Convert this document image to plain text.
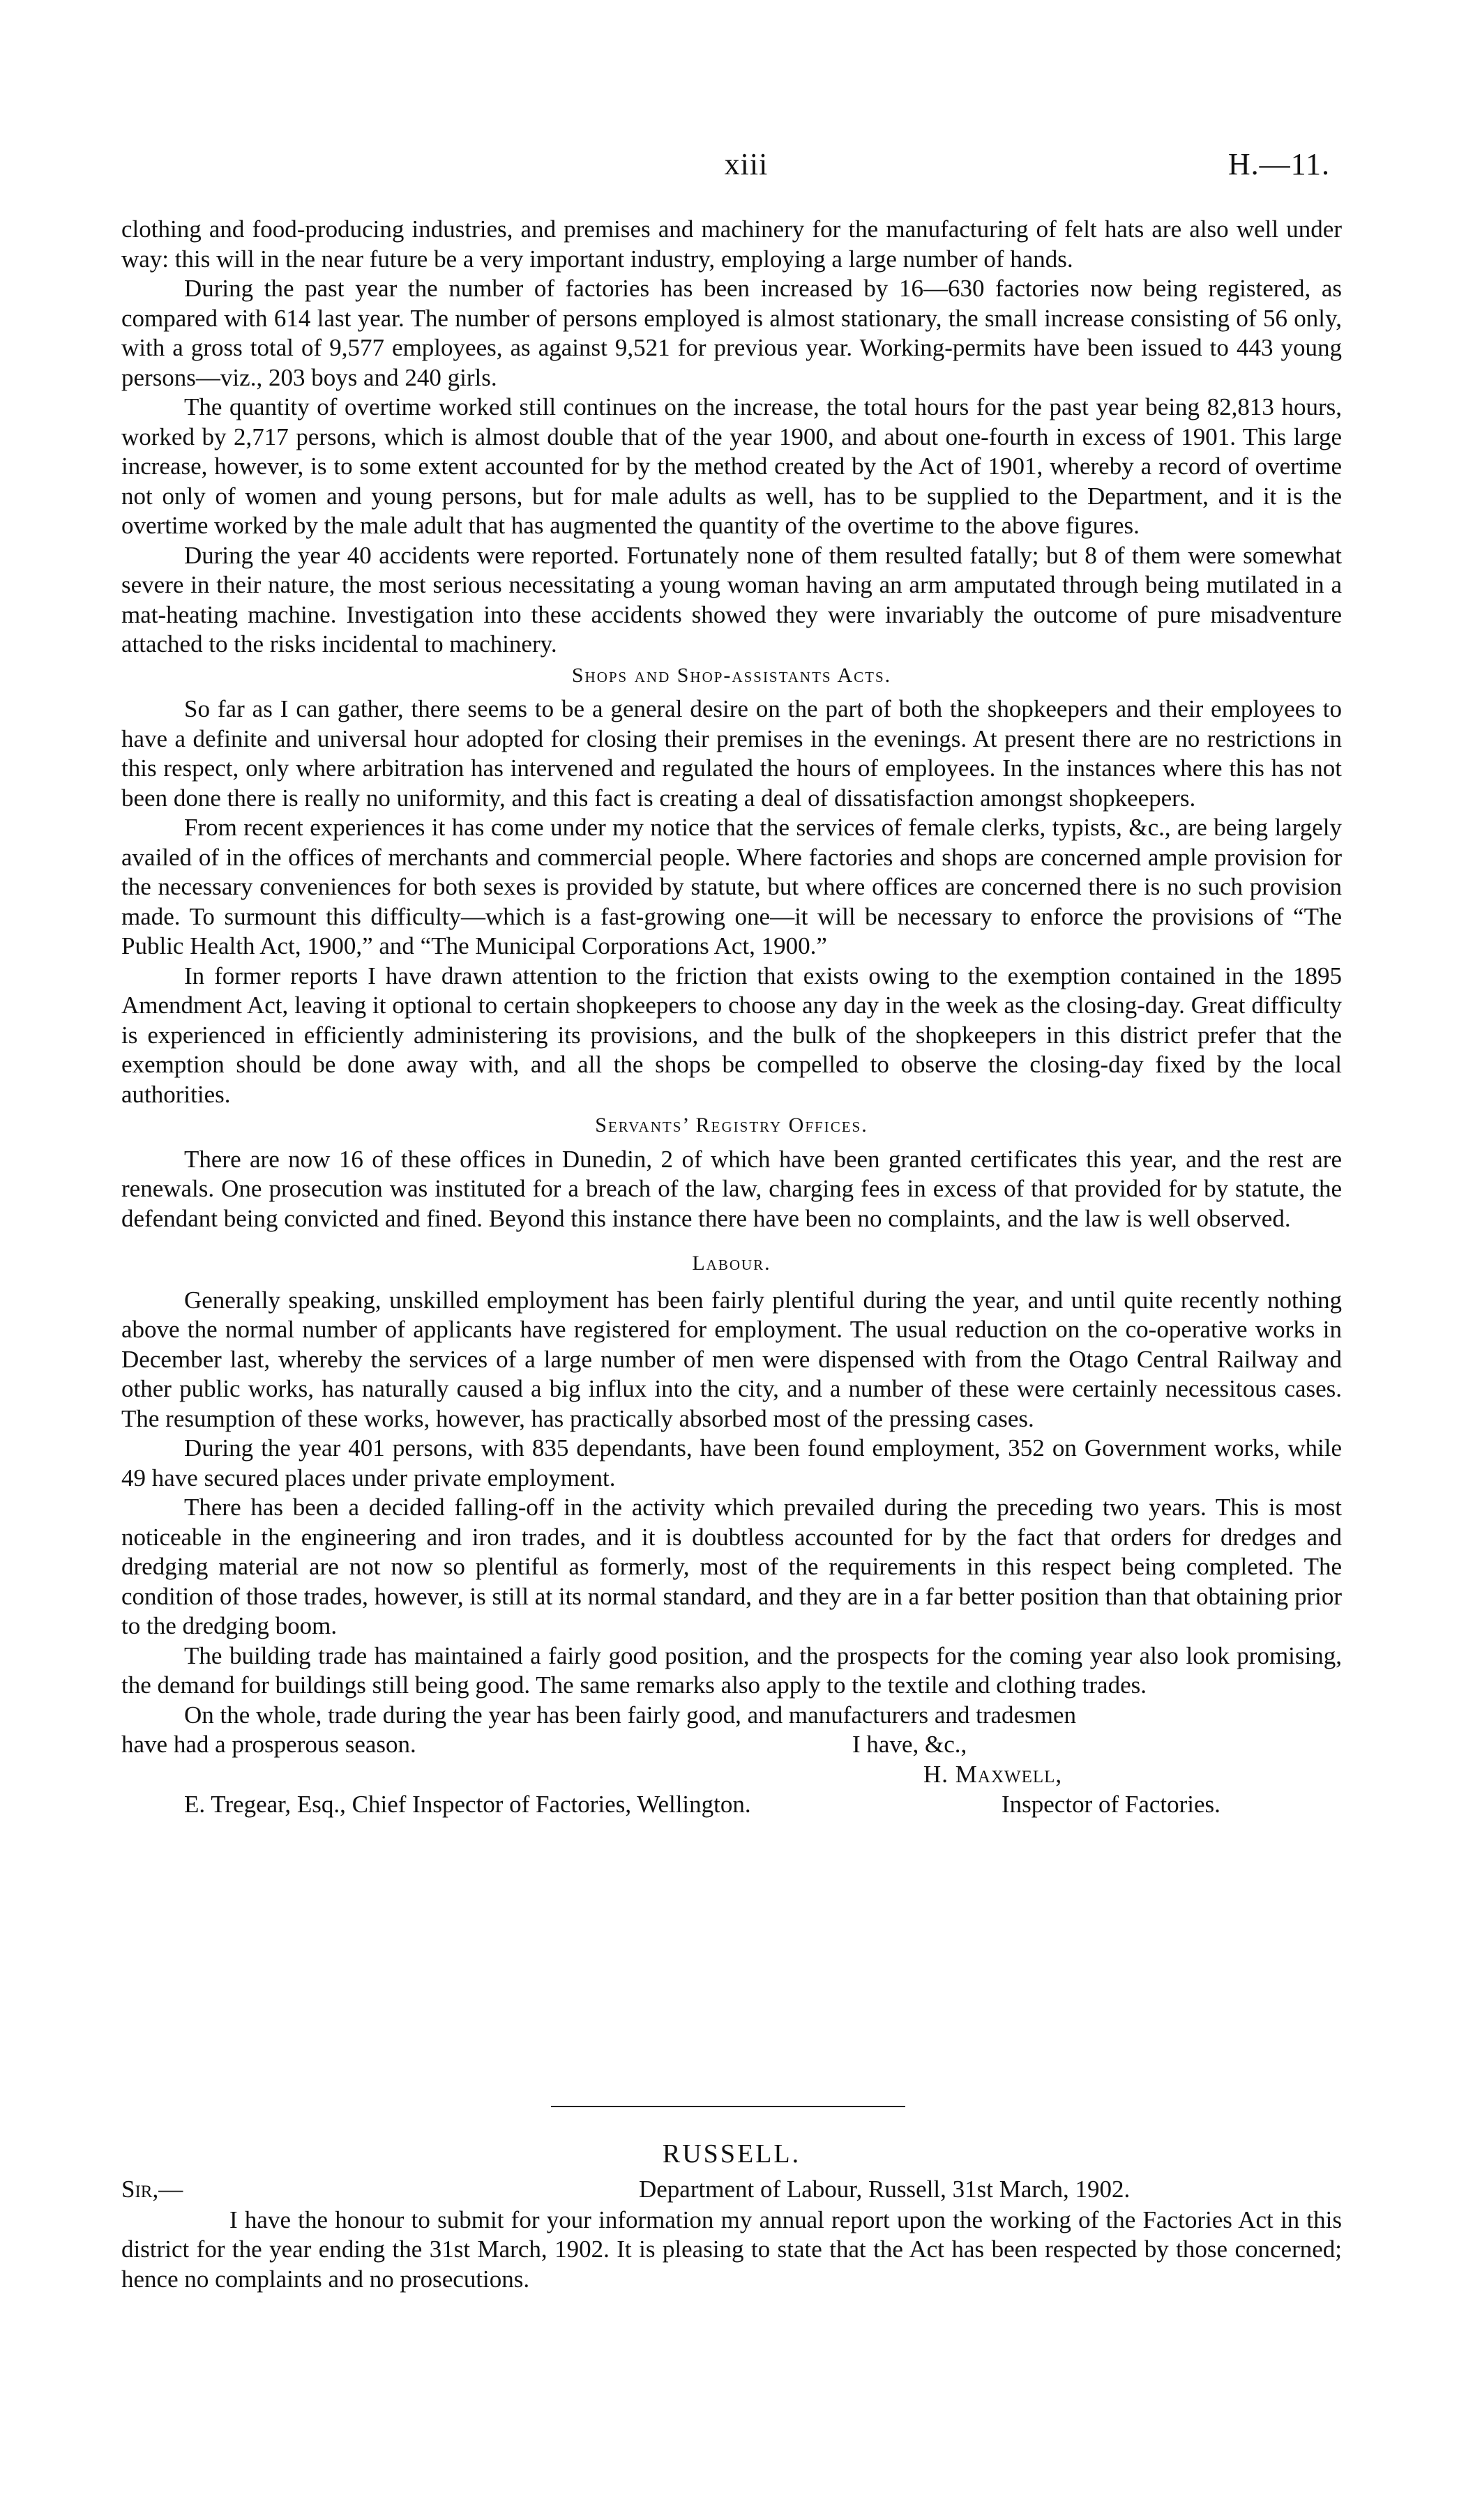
xiii	H.—11.

clothing and food-producing industries, and premises and machinery for the manufacturing of felt hats are also well under way: this will in the near future be a very important industry, employing a large number of hands.

During the past year the number of factories has been increased by 16—630 factories now being registered, as compared with 614 last year. The number of persons employed is almost stationary, the small increase consisting of 56 only, with a gross total of 9,577 employees, as against 9,521 for previous year. Working-permits have been issued to 443 young persons—viz., 203 boys and 240 girls.

The quantity of overtime worked still continues on the increase, the total hours for the past year being 82,813 hours, worked by 2,717 persons, which is almost double that of the year 1900, and about one-fourth in excess of 1901. This large increase, however, is to some extent accounted for by the method created by the Act of 1901, whereby a record of overtime not only of women and young persons, but for male adults as well, has to be supplied to the Department, and it is the overtime worked by the male adult that has augmented the quantity of the overtime to the above figures.

During the year 40 accidents were reported. Fortunately none of them resulted fatally; but 8 of them were somewhat severe in their nature, the most serious necessitating a young woman having an arm amputated through being mutilated in a mat-heating machine. Investigation into these accidents showed they were invariably the outcome of pure misadventure attached to the risks incidental to machinery.

Shops and Shop-assistants Acts.

So far as I can gather, there seems to be a general desire on the part of both the shopkeepers and their employees to have a definite and universal hour adopted for closing their premises in the evenings. At present there are no restrictions in this respect, only where arbitration has intervened and regulated the hours of employees. In the instances where this has not been done there is really no uniformity, and this fact is creating a deal of dissatisfaction amongst shopkeepers.

From recent experiences it has come under my notice that the services of female clerks, typists, &c., are being largely availed of in the offices of merchants and commercial people. Where factories and shops are concerned ample provision for the necessary conveniences for both sexes is provided by statute, but where offices are concerned there is no such provision made. To surmount this difficulty—which is a fast-growing one—it will be necessary to enforce the provisions of “The Public Health Act, 1900,” and “The Municipal Corporations Act, 1900.”

In former reports I have drawn attention to the friction that exists owing to the exemption contained in the 1895 Amendment Act, leaving it optional to certain shopkeepers to choose any day in the week as the closing-day. Great difficulty is experienced in efficiently administering its provisions, and the bulk of the shopkeepers in this district prefer that the exemption should be done away with, and all the shops be compelled to observe the closing-day fixed by the local authorities.

Servants’ Registry Offices.

There are now 16 of these offices in Dunedin, 2 of which have been granted certificates this year, and the rest are renewals. One prosecution was instituted for a breach of the law, charging fees in excess of that provided for by statute, the defendant being convicted and fined. Beyond this instance there have been no complaints, and the law is well observed.

Labour.

Generally speaking, unskilled employment has been fairly plentiful during the year, and until quite recently nothing above the normal number of applicants have registered for employment. The usual reduction on the co-operative works in December last, whereby the services of a large number of men were dispensed with from the Otago Central Railway and other public works, has naturally caused a big influx into the city, and a number of these were certainly necessitous cases. The resumption of these works, however, has practically absorbed most of the pressing cases.

During the year 401 persons, with 835 dependants, have been found employment, 352 on Government works, while 49 have secured places under private employment.

There has been a decided falling-off in the activity which prevailed during the preceding two years. This is most noticeable in the engineering and iron trades, and it is doubtless accounted for by the fact that orders for dredges and dredging material are not now so plentiful as formerly, most of the requirements in this respect being completed. The condition of those trades, however, is still at its normal standard, and they are in a far better position than that obtaining prior to the dredging boom.

The building trade has maintained a fairly good position, and the prospects for the coming year also look promising, the demand for buildings still being good. The same remarks also apply to the textile and clothing trades.

On the whole, trade during the year has been fairly good, and manufacturers and tradesmen
have had a prosperous season.	I have, &c.,
H. Maxwell,
E. Tregear, Esq., Chief Inspector of Factories, Wellington.	Inspector of Factories.
RUSSELL.
Sir,—	Department of Labour, Russell, 31st March, 1902.

I have the honour to submit for your information my annual report upon the working of the Factories Act in this district for the year ending the 31st March, 1902. It is pleasing to state that the Act has been respected by those concerned; hence no complaints and no prosecutions.
